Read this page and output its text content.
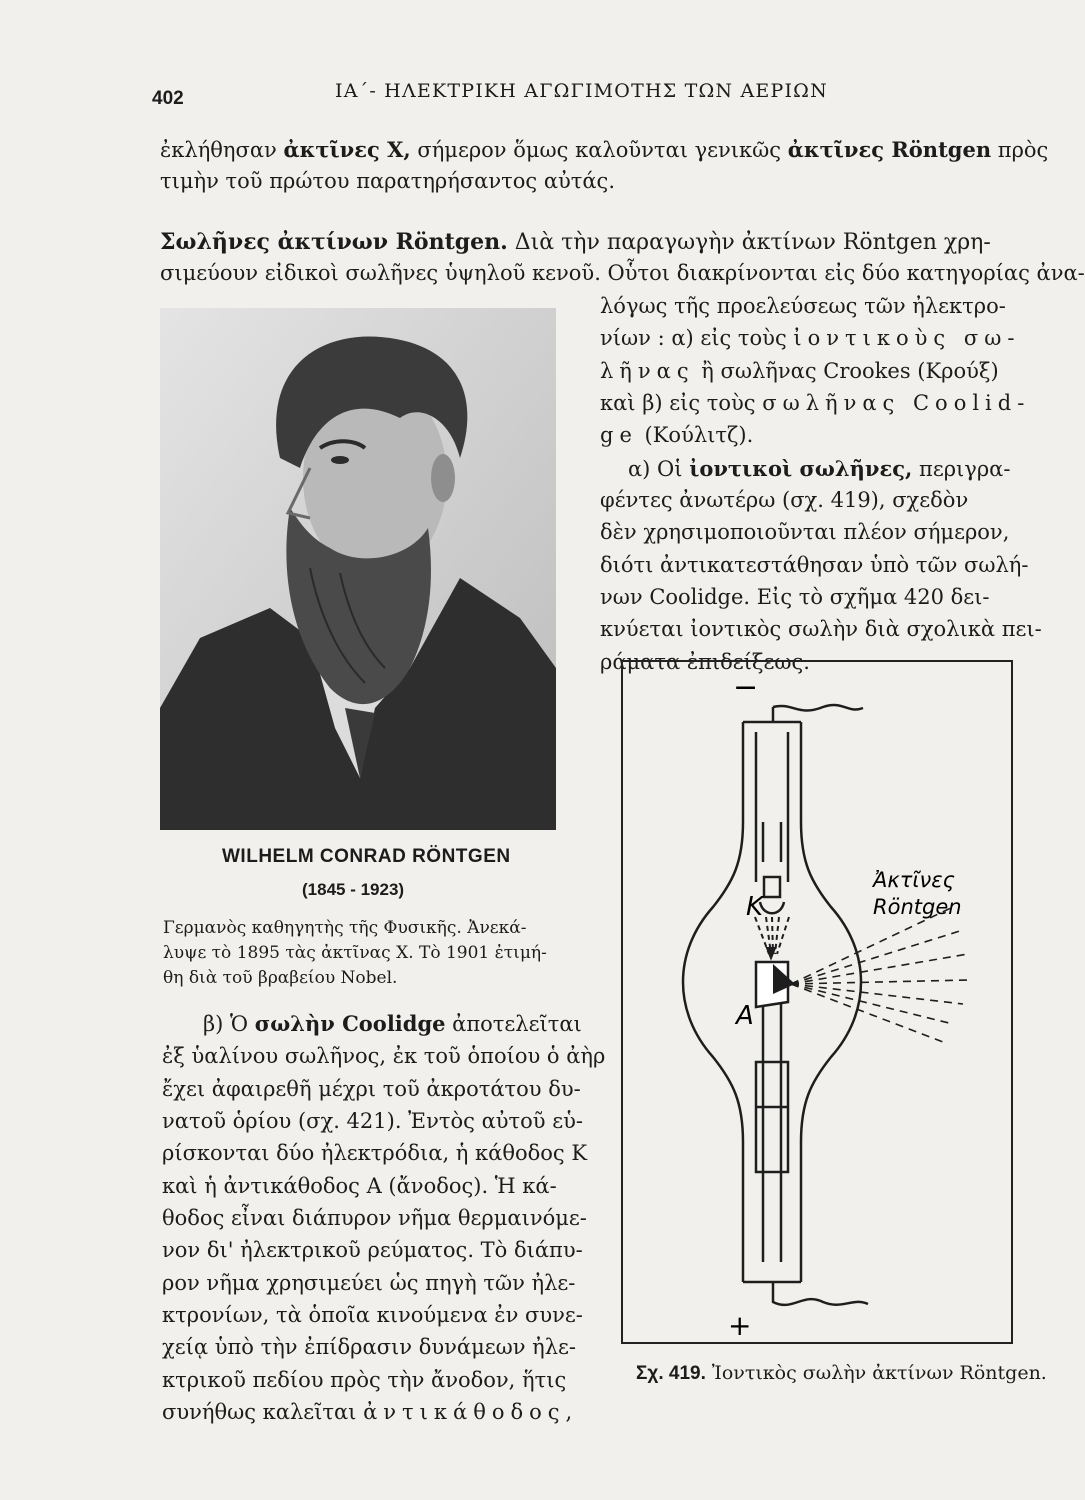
402	ΙΑ΄- ΗΛΕΚΤΡΙΚΗ ΑΓΩΓΙΜΟΤΗΣ ΤΩΝ ΑΕΡΙΩΝ
ἐκλήθησαν ἀκτῖνες X, σήμερον ὅμως καλοῦνται γενικῶς ἀκτῖνες Röntgen πρὸς
τιμὴν τοῦ πρώτου παρατηρήσαντος αὐτάς.
Σωλῆνες ἀκτίνων Röntgen. Διὰ τὴν παραγωγὴν ἀκτίνων Röntgen χρη-
σιμεύουν εἰδικοὶ σωλῆνες ὑψηλοῦ κενοῦ. Οὗτοι διακρίνονται εἰς δύο κατηγορίας ἀνα-
λόγως τῆς προελεύσεως τῶν ἠλεκτρο-
νίων : α) εἰς τοὺς ἰοντικοὺς σω-
λῆνας ἢ σωλῆνας Crookes (Κρούξ)
καὶ β) εἰς τοὺς σωλῆνας Coolid-
ge (Κούλιτζ).
α) Οἱ ἰοντικοὶ σωλῆνες, περιγρα-
φέντες ἀνωτέρω (σχ. 419), σχεδὸν
δὲν χρησιμοποιοῦνται πλέον σήμερον,
διότι ἀντικατεστάθησαν ὑπὸ τῶν σωλή-
νων Coolidge. Εἰς τὸ σχῆμα 420 δει-
κνύεται ἰοντικὸς σωλὴν διὰ σχολικὰ πει-
ράματα ἐπιδείξεως.
WILHELM CONRAD RÖNTGEN
(1845 - 1923)
Γερμανὸς καθηγητὴς τῆς Φυσικῆς. Ἀνεκά-
λυψε τὸ 1895 τὰς ἀκτῖνας X. Τὸ 1901 ἐτιμή-
θη διὰ τοῦ βραβείου Nobel.
β) Ὁ σωλὴν Coolidge ἀποτελεῖται
ἐξ ὑαλίνου σωλῆνος, ἐκ τοῦ ὁποίου ὁ ἀὴρ
ἔχει ἀφαιρεθῆ μέχρι τοῦ ἀκροτάτου δυ-
νατοῦ ὁρίου (σχ. 421). Ἐντὸς αὐτοῦ εὑ-
ρίσκονται δύο ἠλεκτρόδια, ἡ κάθοδος K
καὶ ἡ ἀντικάθοδος A (ἄνοδος). Ἡ κά-
θοδος εἶναι διάπυρον νῆμα θερμαινόμε-
νον δι' ἠλεκτρικοῦ ρεύματος. Τὸ διάπυ-
ρον νῆμα χρησιμεύει ὡς πηγὴ τῶν ἠλε-
κτρονίων, τὰ ὁποῖα κινούμενα ἐν συνε-
χείᾳ ὑπὸ τὴν ἐπίδρασιν δυνάμεων ἠλε-
κτρικοῦ πεδίου πρὸς τὴν ἄνοδον, ἥτις
συνήθως καλεῖται ἀντικάθοδος,
−
+
K
A
Ἀκτῖνες
Röntgen
Σχ. 419. Ἰοντικὸς σωλὴν ἀκτίνων Röntgen.
